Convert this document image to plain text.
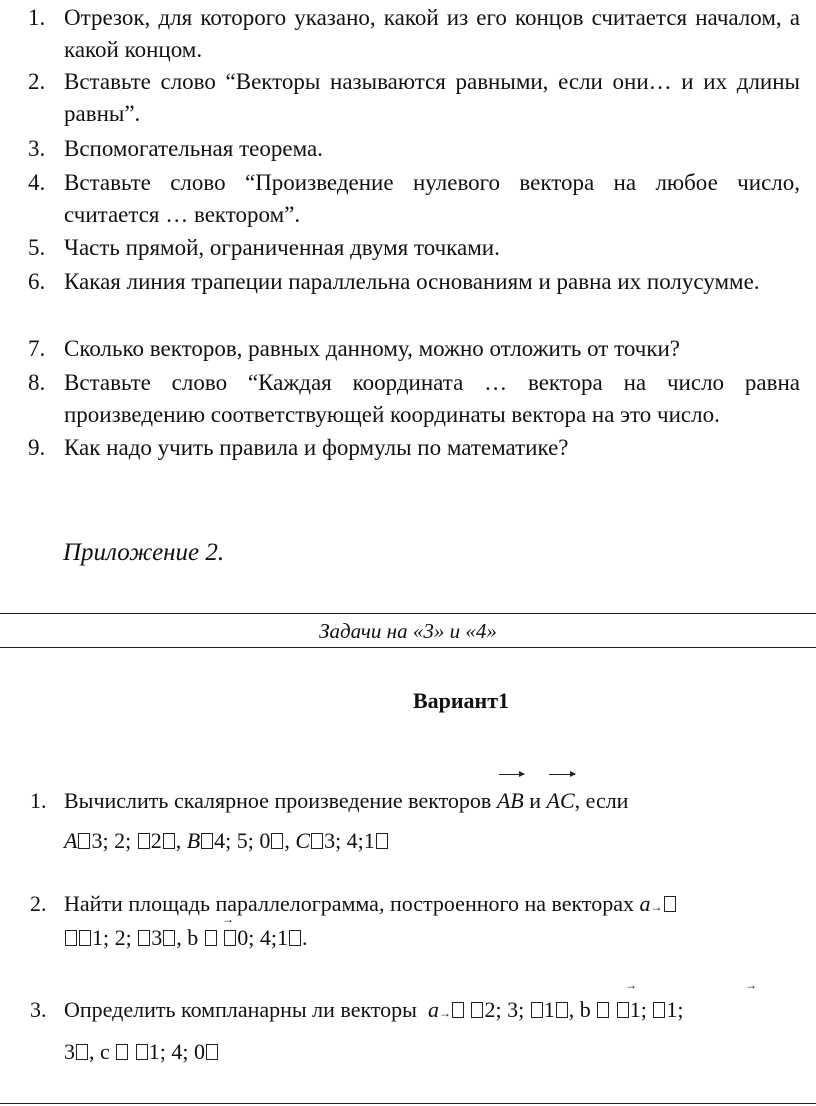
1. Отрезок, для которого указано, какой из его концов считается началом, а какой концом.
2. Вставьте слово “Векторы называются равными, если они… и их длины равны”.
3. Вспомогательная теорема.
4. Вставьте слово “Произведение нулевого вектора на любое число, считается … вектором”.
5. Часть прямой, ограниченная двумя точками.
6. Какая линия трапеции параллельна основаниям и равна их полусумме.
7. Сколько векторов, равных данному, можно отложить от точки?
8. Вставьте слово “Каждая координата … вектора на число равна произведению соответствующей координаты вектора на это число.
9. Как надо учить правила и формулы по математике?
Приложение 2.
Задачи на «3» и «4»
Вариант1
1. Вычислить скалярное произведение векторов AB и AC, если
A 3; 2; 2 , B 4; 5; 0 , C 3; 4;1
2. Найти площадь параллелограмма, построенного на векторах a→
1; 2; 3 , b 0; 4;1 .
→
3. Определить компланарны ли векторы a→ 2; 3; 1 , b 1; 1;
→	→
3 , c 1; 4; 0
